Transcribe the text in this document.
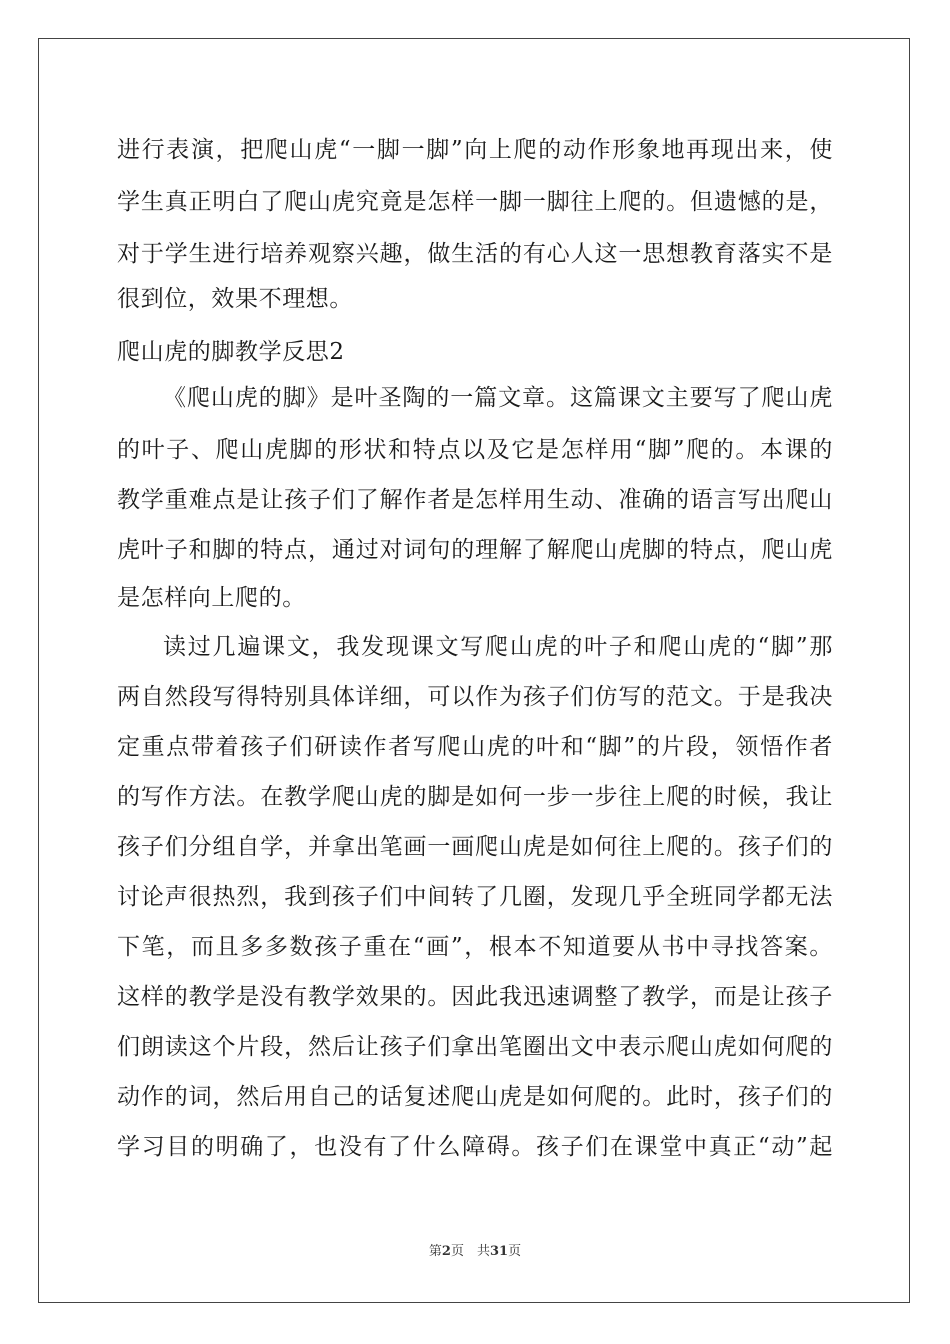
进行表演，把爬山虎“一脚一脚”向上爬的动作形象地再现出来，使
学生真正明白了爬山虎究竟是怎样一脚一脚往上爬的。但遗憾的是，
对于学生进行培养观察兴趣，做生活的有心人这一思想教育落实不是
很到位，效果不理想。
爬山虎的脚教学反思2
《爬山虎的脚》是叶圣陶的一篇文章。这篇课文主要写了爬山虎
的叶子、爬山虎脚的形状和特点以及它是怎样用“脚”爬的。本课的
教学重难点是让孩子们了解作者是怎样用生动、准确的语言写出爬山
虎叶子和脚的特点，通过对词句的理解了解爬山虎脚的特点，爬山虎
是怎样向上爬的。
读过几遍课文，我发现课文写爬山虎的叶子和爬山虎的“脚”那
两自然段写得特别具体详细，可以作为孩子们仿写的范文。于是我决
定重点带着孩子们研读作者写爬山虎的叶和“脚”的片段，领悟作者
的写作方法。在教学爬山虎的脚是如何一步一步往上爬的时候，我让
孩子们分组自学，并拿出笔画一画爬山虎是如何往上爬的。孩子们的
讨论声很热烈，我到孩子们中间转了几圈，发现几乎全班同学都无法
下笔，而且多多数孩子重在“画”，根本不知道要从书中寻找答案。
这样的教学是没有教学效果的。因此我迅速调整了教学，而是让孩子
们朗读这个片段，然后让孩子们拿出笔圈出文中表示爬山虎如何爬的
动作的词，然后用自己的话复述爬山虎是如何爬的。此时，孩子们的
学习目的明确了，也没有了什么障碍。孩子们在课堂中真正“动”起
第2页　共31页
